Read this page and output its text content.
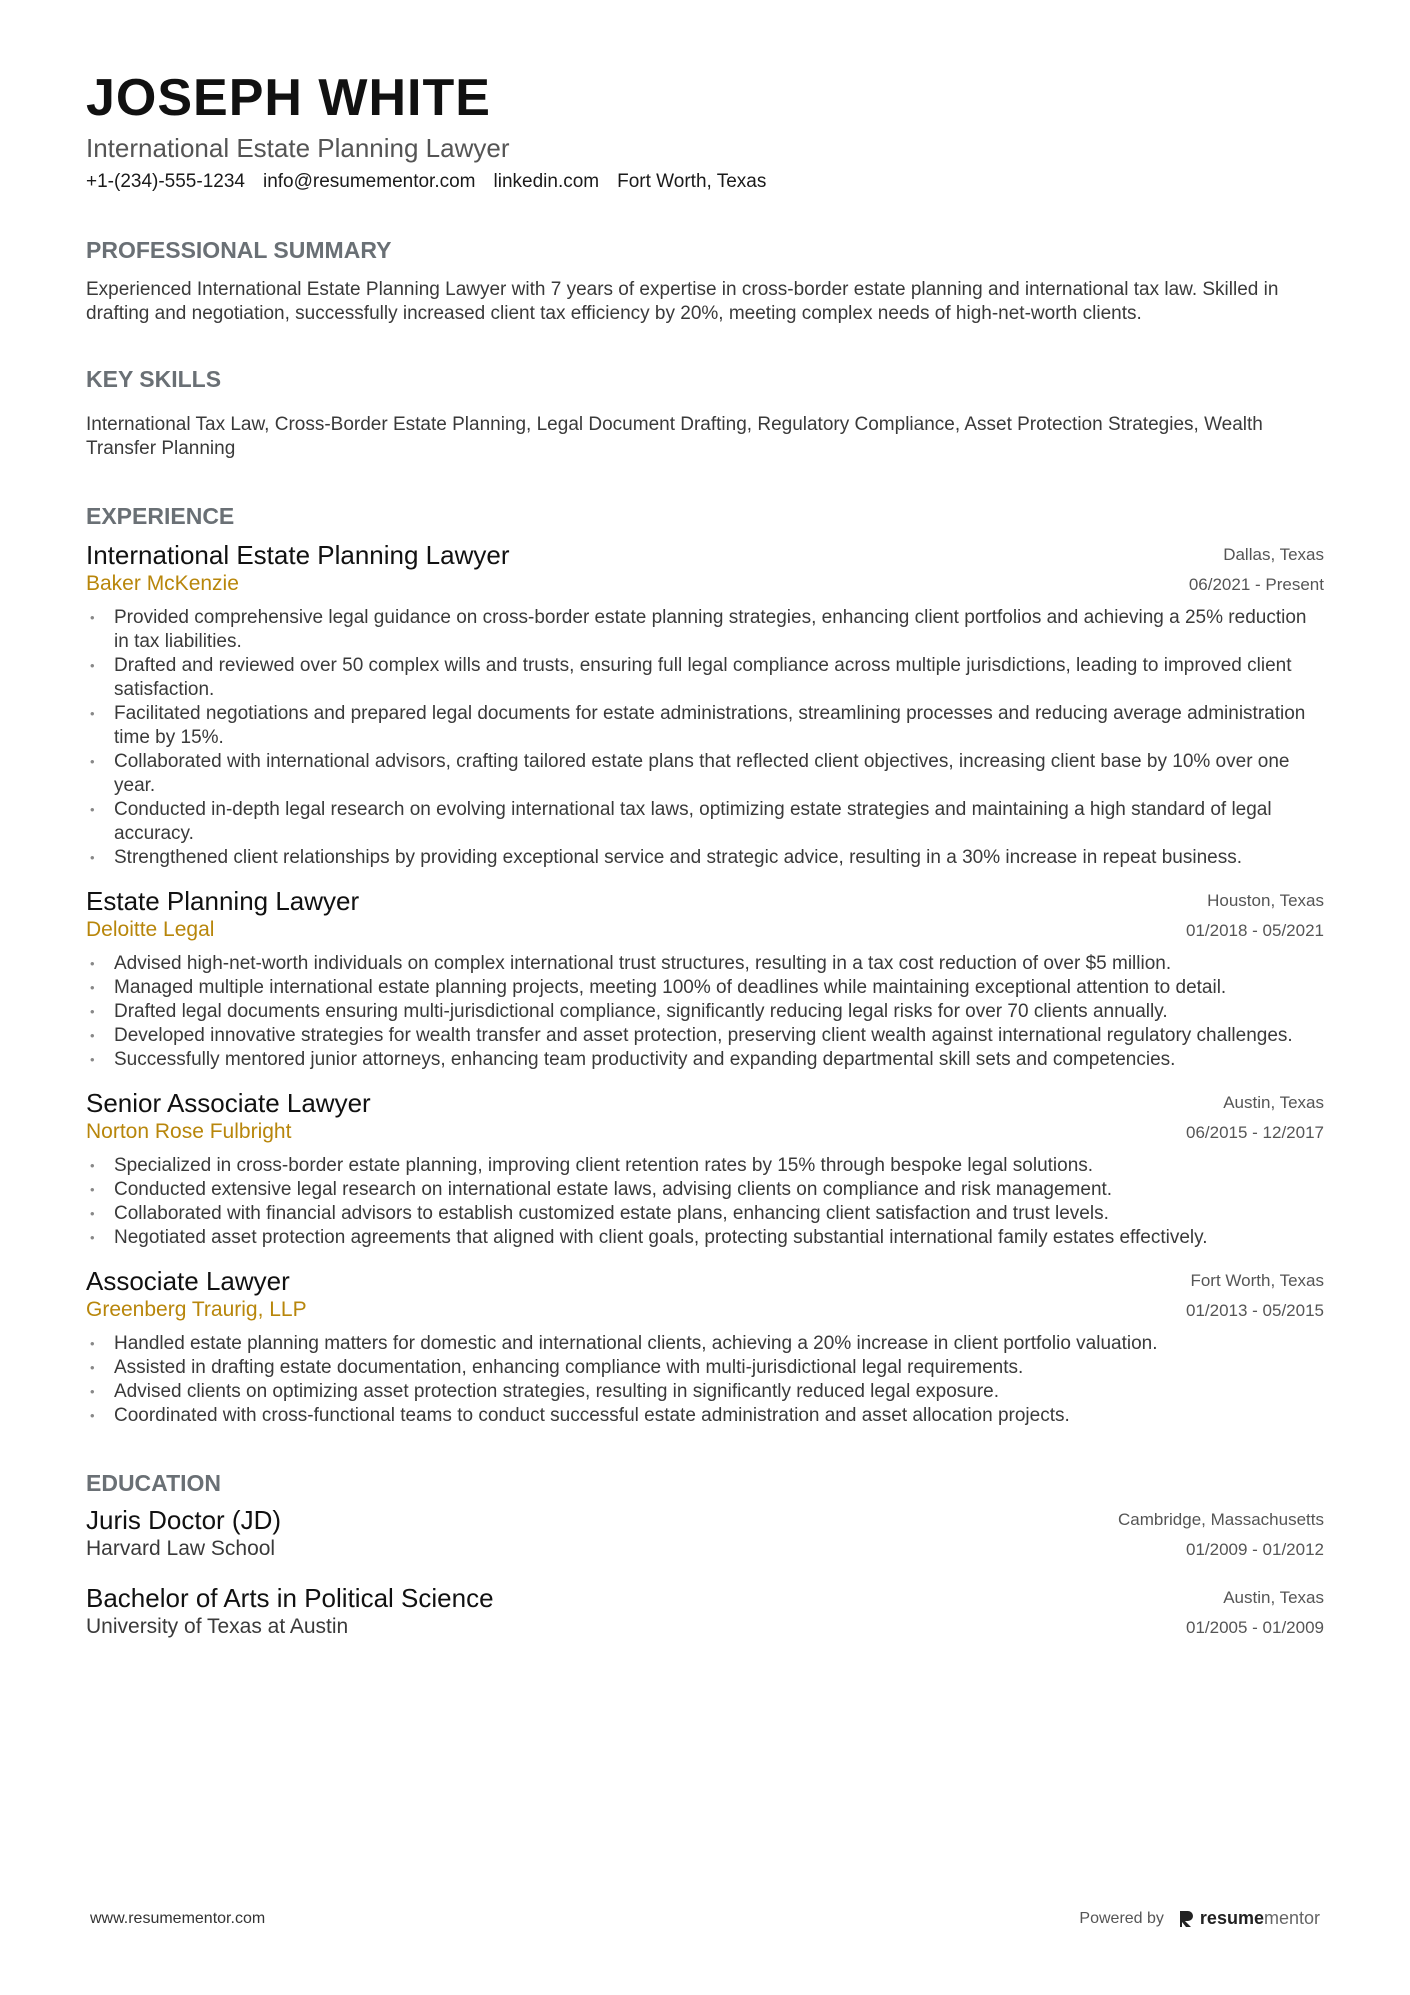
JOSEPH WHITE
International Estate Planning Lawyer
+1-(234)-555-1234 info@resumementor.com linkedin.com Fort Worth, Texas
PROFESSIONAL SUMMARY
Experienced International Estate Planning Lawyer with 7 years of expertise in cross-border estate planning and international tax law. Skilled in drafting and negotiation, successfully increased client tax efficiency by 20%, meeting complex needs of high-net-worth clients.
KEY SKILLS
International Tax Law, Cross-Border Estate Planning, Legal Document Drafting, Regulatory Compliance, Asset Protection Strategies, Wealth Transfer Planning
EXPERIENCE
International Estate Planning Lawyer
Baker McKenzie
Dallas, Texas
06/2021 - Present
• Provided comprehensive legal guidance on cross-border estate planning strategies, enhancing client portfolios and achieving a 25% reduction in tax liabilities.
• Drafted and reviewed over 50 complex wills and trusts, ensuring full legal compliance across multiple jurisdictions, leading to improved client satisfaction.
• Facilitated negotiations and prepared legal documents for estate administrations, streamlining processes and reducing average administration time by 15%.
• Collaborated with international advisors, crafting tailored estate plans that reflected client objectives, increasing client base by 10% over one year.
• Conducted in-depth legal research on evolving international tax laws, optimizing estate strategies and maintaining a high standard of legal accuracy.
• Strengthened client relationships by providing exceptional service and strategic advice, resulting in a 30% increase in repeat business.
Estate Planning Lawyer
Deloitte Legal
Houston, Texas
01/2018 - 05/2021
• Advised high-net-worth individuals on complex international trust structures, resulting in a tax cost reduction of over $5 million.
• Managed multiple international estate planning projects, meeting 100% of deadlines while maintaining exceptional attention to detail.
• Drafted legal documents ensuring multi-jurisdictional compliance, significantly reducing legal risks for over 70 clients annually.
• Developed innovative strategies for wealth transfer and asset protection, preserving client wealth against international regulatory challenges.
• Successfully mentored junior attorneys, enhancing team productivity and expanding departmental skill sets and competencies.
Senior Associate Lawyer
Norton Rose Fulbright
Austin, Texas
06/2015 - 12/2017
• Specialized in cross-border estate planning, improving client retention rates by 15% through bespoke legal solutions.
• Conducted extensive legal research on international estate laws, advising clients on compliance and risk management.
• Collaborated with financial advisors to establish customized estate plans, enhancing client satisfaction and trust levels.
• Negotiated asset protection agreements that aligned with client goals, protecting substantial international family estates effectively.
Associate Lawyer
Greenberg Traurig, LLP
Fort Worth, Texas
01/2013 - 05/2015
• Handled estate planning matters for domestic and international clients, achieving a 20% increase in client portfolio valuation.
• Assisted in drafting estate documentation, enhancing compliance with multi-jurisdictional legal requirements.
• Advised clients on optimizing asset protection strategies, resulting in significantly reduced legal exposure.
• Coordinated with cross-functional teams to conduct successful estate administration and asset allocation projects.
EDUCATION
Juris Doctor (JD)
Harvard Law School
Cambridge, Massachusetts
01/2009 - 01/2012
Bachelor of Arts in Political Science
University of Texas at Austin
Austin, Texas
01/2005 - 01/2009
www.resumementor.com	Powered by resumementor
